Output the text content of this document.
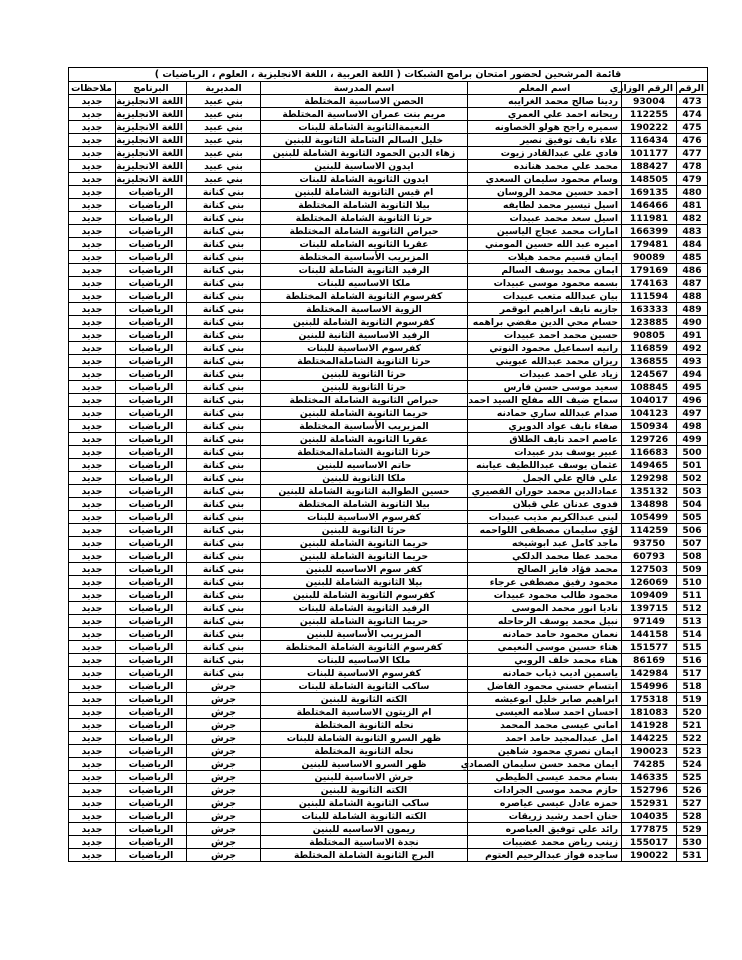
قائمة المرشحين لحضور امتحان برامج الشبكات ( اللغة العربية ، اللغة الانجليزية ، العلوم ، الرياضيات )
الرقم	الرقم الوزاري	اسم المعلم	اسم المدرسة	المديرية	البرنامج	ملاحظات
473	93004	ردينا صالح محمد الغرايبه	الحصن الاساسية المختلطة	بني عبيد	اللغة الانجليزية	جديد
474	112255	ريحانه احمد علي العمري	مريم بنت عمران الاساسية المختلطة	بني عبيد	اللغة الانجليزية	جديد
475	190222	سميره راجح هولو الخصاونه	النعيمةالثانوية الشاملة للبنات	بني عبيد	اللغة الانجليزية	جديد
476	116434	علاء نايف توفيق نصير	خليل السالم الشاملة الثانوية للبنين	بني عبيد	اللغة الانجليزية	جديد
477	101177	فادي علي عبدالقادر زيوت	زهاء الدين الحمود الثانوية الشاملة للبنين	بني عبيد	اللغة الانجليزية	جديد
478	188427	محمد علي محمد هنانده	ايدون الاساسية للبنين	بني عبيد	اللغة الانجليزية	جديد
479	148505	وسام محمود سليمان السعدي	ايدون الثانوية الشاملة للبنات	بني عبيد	اللغة الانجليزية	جديد
480	169135	احمد حسين محمد الروسان	ام قيس الثانوية الشاملة للبنين	بني كنانة	الرياضيات	جديد
481	146466	اسيل تيسير محمد لطايفه	بيلا الثانوية الشاملة المختلطة	بني كنانة	الرياضيات	جديد
482	111981	اسيل سعد محمد عبيدات	حرثا الثانوية الشاملة المختلطة	بني كنانة	الرياضيات	جديد
483	166399	امارات محمد عجاج الياسين	حبراص الثانوية الشاملة المختلطة	بني كنانة	الرياضيات	جديد
484	179481	اميره عبد الله حسين المومني	عقربا الثانويه الشامله للبنات	بني كنانة	الرياضيات	جديد
485	90089	ايمان قسيم محمد هيلات	المزيريب الأساسية المختلطة	بني كنانة	الرياضيات	جديد
486	179169	ايمان محمد يوسف السالم	الرفيد الثانوية الشاملة للبنات	بني كنانة	الرياضيات	جديد
487	174163	بسمه محمود موسى عبيدات	ملكا الاساسيه للبنات	بني كنانة	الرياضيات	جديد
488	111594	بيان عبدالله متعب عبيدات	كفرسوم الثانوية الشاملة المختلطة	بني كنانة	الرياضيات	جديد
489	163333	جازيه نايف ابراهيم ابوقمر	الزوية الاساسية المختلطة	بني كنانة	الرياضيات	جديد
490	123885	حسام محي الدين مفضي براهمه	كفرسوم الثانوية الشاملة للبنين	بني كنانة	الرياضيات	جديد
491	90805	حسين محمد احمد عبيدات	الرفيد الاساسية الثانية للبنين	بني كنانة	الرياضيات	جديد
492	116859	رانيه اسماعيل محمود النوتي	كفرسوم الاساسية للبنات	بني كنانة	الرياضيات	جديد
493	136855	ريزان محمد عبدالله عبويني	حرثا الثانوية الشاملةالمختلطة	بني كنانة	الرياضيات	جديد
494	124567	زياد علي احمد عبيدات	حرثا الثانوية للبنين	بني كنانة	الرياضيات	جديد
495	108845	سعيد موسى حسن فارس	حرثا الثانوية للبنين	بني كنانة	الرياضيات	جديد
496	104017	سماح ضيف الله مفلح السيد احمد	حبراص الثانوية الشاملة المختلطة	بني كنانة	الرياضيات	جديد
497	104123	صدام عبدالله ساري حمادنه	حريما الثانوية الشاملة للبنين	بني كنانة	الرياضيات	جديد
498	150934	صفاء نايف عواد الدويري	المزيريب الأساسية المختلطة	بني كنانة	الرياضيات	جديد
499	129726	عاصم احمد نايف الطلاق	عقربا الثانوية الشاملة للبنين	بني كنانة	الرياضيات	جديد
500	116683	عبير يوسف بدر عبيدات	حرثا الثانوية الشاملةالمختلطة	بني كنانة	الرياضيات	جديد
501	149465	عثمان يوسف عبداللطيف عيابنه	حاتم الاساسيه للبنين	بني كنانة	الرياضيات	جديد
502	129298	علي فالح علي الجمل	ملكا الثانوية للبنين	بني كنانة	الرياضيات	جديد
503	135132	عمادالدين محمد حوران القصيري	حسين الطوالبة الثانوية الشاملة للبنين	بني كنانة	الرياضيات	جديد
504	134898	فدوى عدنان علي قبلان	بيلا الثانوية الشاملة المختلطة	بني كنانة	الرياضيات	جديد
505	105499	لبنى عبدالكريم مذيب عبيدات	كفرسوم الاساسية للبنات	بني كنانة	الرياضيات	جديد
506	114259	لؤي سليمان مصطفى اللواحمه	حرثا الثانوية للبنين	بني كنانة	الرياضيات	جديد
507	93750	ماجد كامل عبد ابوشيخه	حريما الثانوية الشاملة للبنين	بني كنانة	الرياضيات	جديد
508	60793	محمد عطا محمد الدلكي	حريما الثانوية الشاملة للبنين	بني كنانة	الرياضيات	جديد
509	127503	محمد فؤاد فايز الصالح	كفر سوم الاساسيه للبنين	بني كنانة	الرياضيات	جديد
510	126069	محمود رفيق مصطفى عرجاء	بيلا الثانوية الشاملة للبنين	بني كنانة	الرياضيات	جديد
511	109409	محمود طالب محمود عبيدات	كفرسوم الثانوية الشاملة للبنين	بني كنانة	الرياضيات	جديد
512	139715	ناديا انور محمد الموسى	الرفيد الثانوية الشاملة للبنات	بني كنانة	الرياضيات	جديد
513	97149	نبيل محمد يوسف الرحاحله	حريما الثانوية الشاملة للبنين	بني كنانة	الرياضيات	جديد
514	144158	نعمان محمود حامد حمادنه	المزيريب الأساسية للبنين	بني كنانة	الرياضيات	جديد
515	151577	هناء حسين موسى النعيمي	كفرسوم الثانوية الشاملة المختلطة	بني كنانة	الرياضيات	جديد
516	86169	هناء محمد خلف الروبي	ملكا الاساسيه للبنات	بني كنانة	الرياضيات	جديد
517	142984	ياسمين اديب ذياب حمادنه	كفرسوم الاساسية للبنات	بني كنانة	الرياضيات	جديد
518	154996	ابتسام حسني محمود الفاضل	ساكب الثانوية الشاملة للبنات	جرش	الرياضيات	جديد
519	175318	ابراهيم صابر خليل ابوعيشه	الكته الثانوية للبنين	جرش	الرياضيات	جديد
520	181083	احسان احمد سلامه العيسى	ام الزيتون الاساسية المختلطة	جرش	الرياضيات	جديد
521	141928	اماني عيسى محمد المحمد	نحله الثانوية المختلطة	جرش	الرياضيات	جديد
522	144225	امل عبدالمجيد حامد احمد	ظهر السرو الثانوية الشاملة للبنات	جرش	الرياضيات	جديد
523	190023	ايمان نصري محمود شاهين	نحله الثانوية المختلطة	جرش	الرياضيات	جديد
524	74285	ايمان محمد حسن سليمان الصمادي	ظهر السرو الاساسية للبنين	جرش	الرياضيات	جديد
525	146335	بسام محمد عيسى الطيطي	جرش الاساسية للبنين	جرش	الرياضيات	جديد
526	152796	حازم محمد موسى الجرادات	الكته الثانوية للبنين	جرش	الرياضيات	جديد
527	152931	حمزه عادل عيسى عياصره	ساكب الثانوية الشاملة للبنين	جرش	الرياضيات	جديد
528	104035	حنان احمد رشيد زريقات	الكته الثانوية الشاملة للبنات	جرش	الرياضيات	جديد
529	177875	رائد علي توفيق العياصره	ريمون الاساسيه للبنين	جرش	الرياضيات	جديد
530	155017	زينب رياض محمد عضيبات	نجدة الاساسية المختلطة	جرش	الرياضيات	جديد
531	190022	ساجده فواز عبدالرحيم العتوم	البرج الثانوية الشاملة المختلطة	جرش	الرياضيات	جديد
